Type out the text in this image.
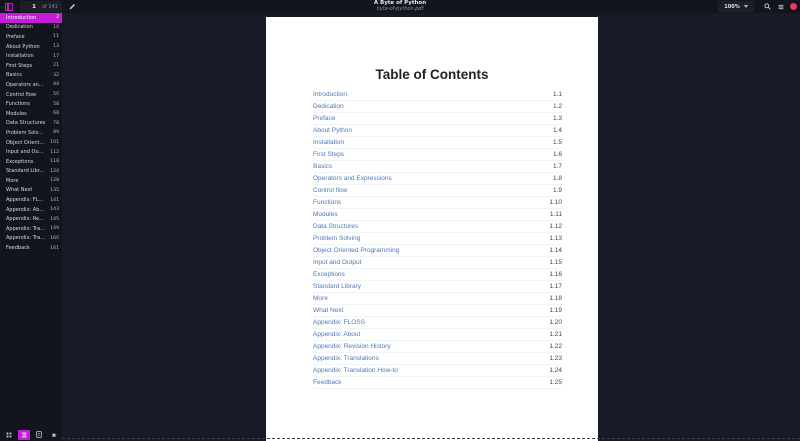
1
of 141
A Byte of Python
byte-of-python.pdf	100%
Introduction	2
Dedication	10
Preface	11
About Python	13
Installation	17
First Steps	21
Basics	32
Operators an... 44
Control flow	50
Functions	58
Modules	68
Data Structures 78
Problem Solv... 89
Object Orient... 101
Input and Ou... 112
Exceptions	118
Standard Libr... 124
More	128
What Next	135
Appendix: FL... 141
Appendix: Ab... 143
Appendix: Re... 145
Appendix: Tra... 149
Appendix: Tra... 160
Feedback	161
Table of Contents
Introduction	1.1
Dedication	1.2
Preface	1.3
About Python	1.4
Installation	1.5
First Steps	1.6
Basics	1.7
Operators and Expressions	1.8
Control flow	1.9
Functions	1.10
Modules	1.11
Data Structures	1.12
Problem Solving	1.13
Object Oriented Programming	1.14
Input and Output	1.15
Exceptions	1.16
Standard Library	1.17
More	1.18
What Next	1.19
Appendix: FLOSS	1.20
Appendix: About	1.21
Appendix: Revision History	1.22
Appendix: Translations	1.23
Appendix: Translation How-to	1.24
Feedback	1.25
